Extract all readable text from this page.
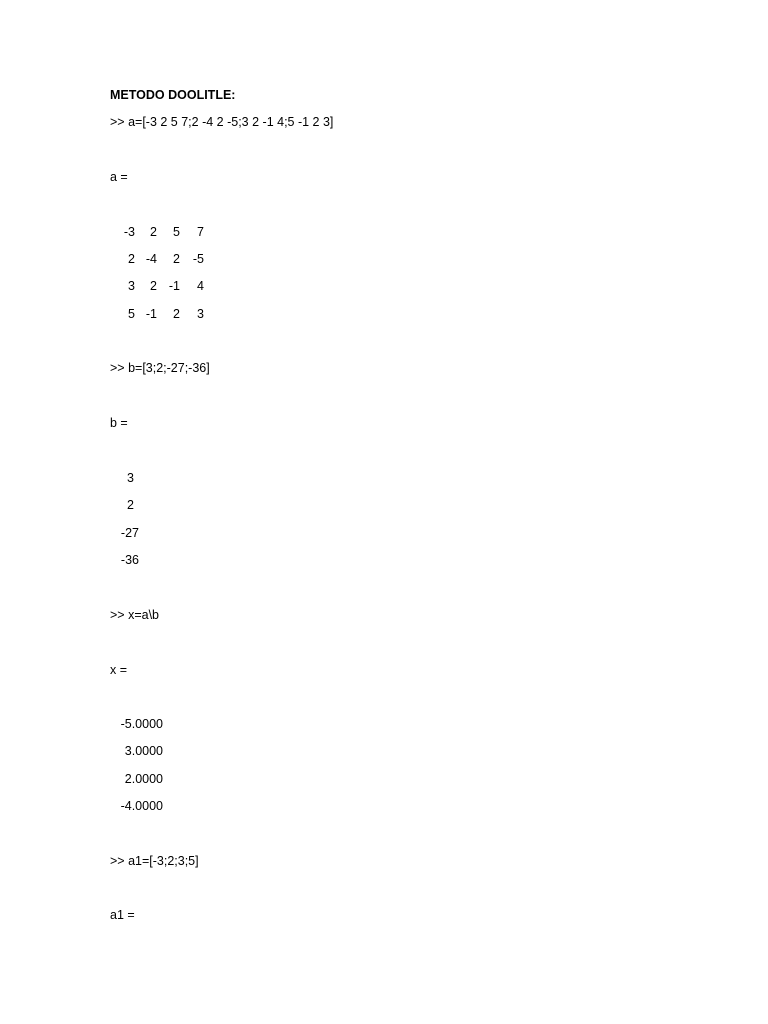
METODO DOOLITLE:
>> a=[-3 2 5 7;2 -4 2 -5;3 2 -1 4;5 -1 2 3]
a =
-3 2 5 7
2 -4 2 -5
3 2 -1 4
5 -1 2 3
>> b=[3;2;-27;-36]
b =
3
2
-27
-36
>> x=a\b
x =
-5.0000
3.0000
2.0000
-4.0000
>> a1=[-3;2;3;5]
a1 =
